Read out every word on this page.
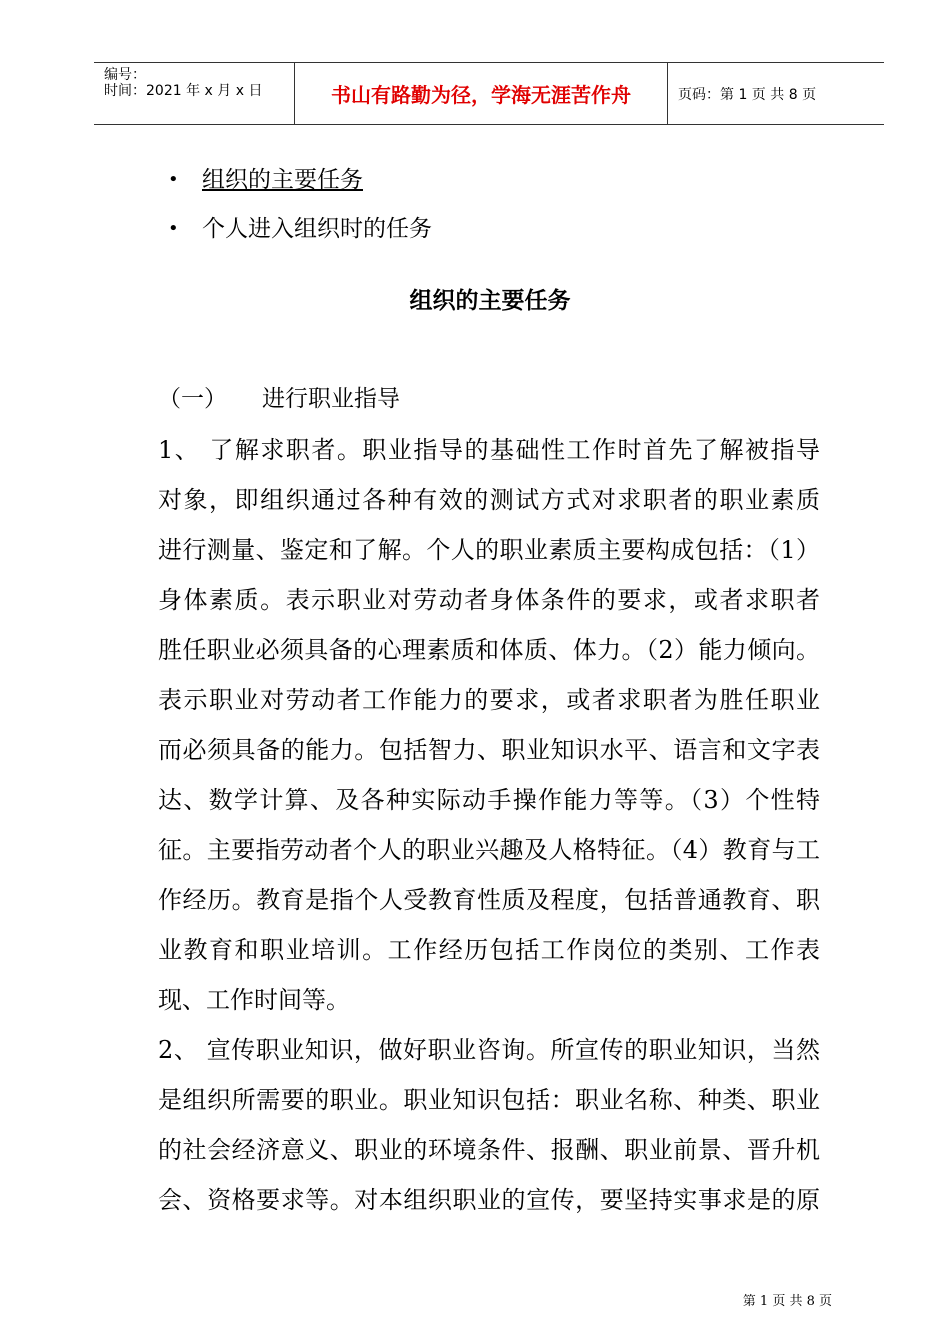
编号：
时间：2021 年 x 月 x 日	书山有路勤为径，学海无涯苦作舟	页码：第 1 页 共 8 页
• 组织的主要任务
• 个人进入组织时的任务
组织的主要任务
（一） 进行职业指导
1、 了解求职者。职业指导的基础性工作时首先了解被指导
对象，即组织通过各种有效的测试方式对求职者的职业素质
进行测量、鉴定和了解。个人的职业素质主要构成包括：（1）
身体素质。表示职业对劳动者身体条件的要求，或者求职者
胜任职业必须具备的心理素质和体质、体力。（2）能力倾向。
表示职业对劳动者工作能力的要求，或者求职者为胜任职业
而必须具备的能力。包括智力、职业知识水平、语言和文字表
达、数学计算、及各种实际动手操作能力等等。（3）个性特
征。主要指劳动者个人的职业兴趣及人格特征。（4）教育与工
作经历。教育是指个人受教育性质及程度，包括普通教育、职
业教育和职业培训。工作经历包括工作岗位的类别、工作表
现、工作时间等。
2、 宣传职业知识，做好职业咨询。所宣传的职业知识，当然
是组织所需要的职业。职业知识包括：职业名称、种类、职业
的社会经济意义、职业的环境条件、报酬、职业前景、晋升机
会、资格要求等。对本组织职业的宣传，要坚持实事求是的原
第 1 页 共 8 页
